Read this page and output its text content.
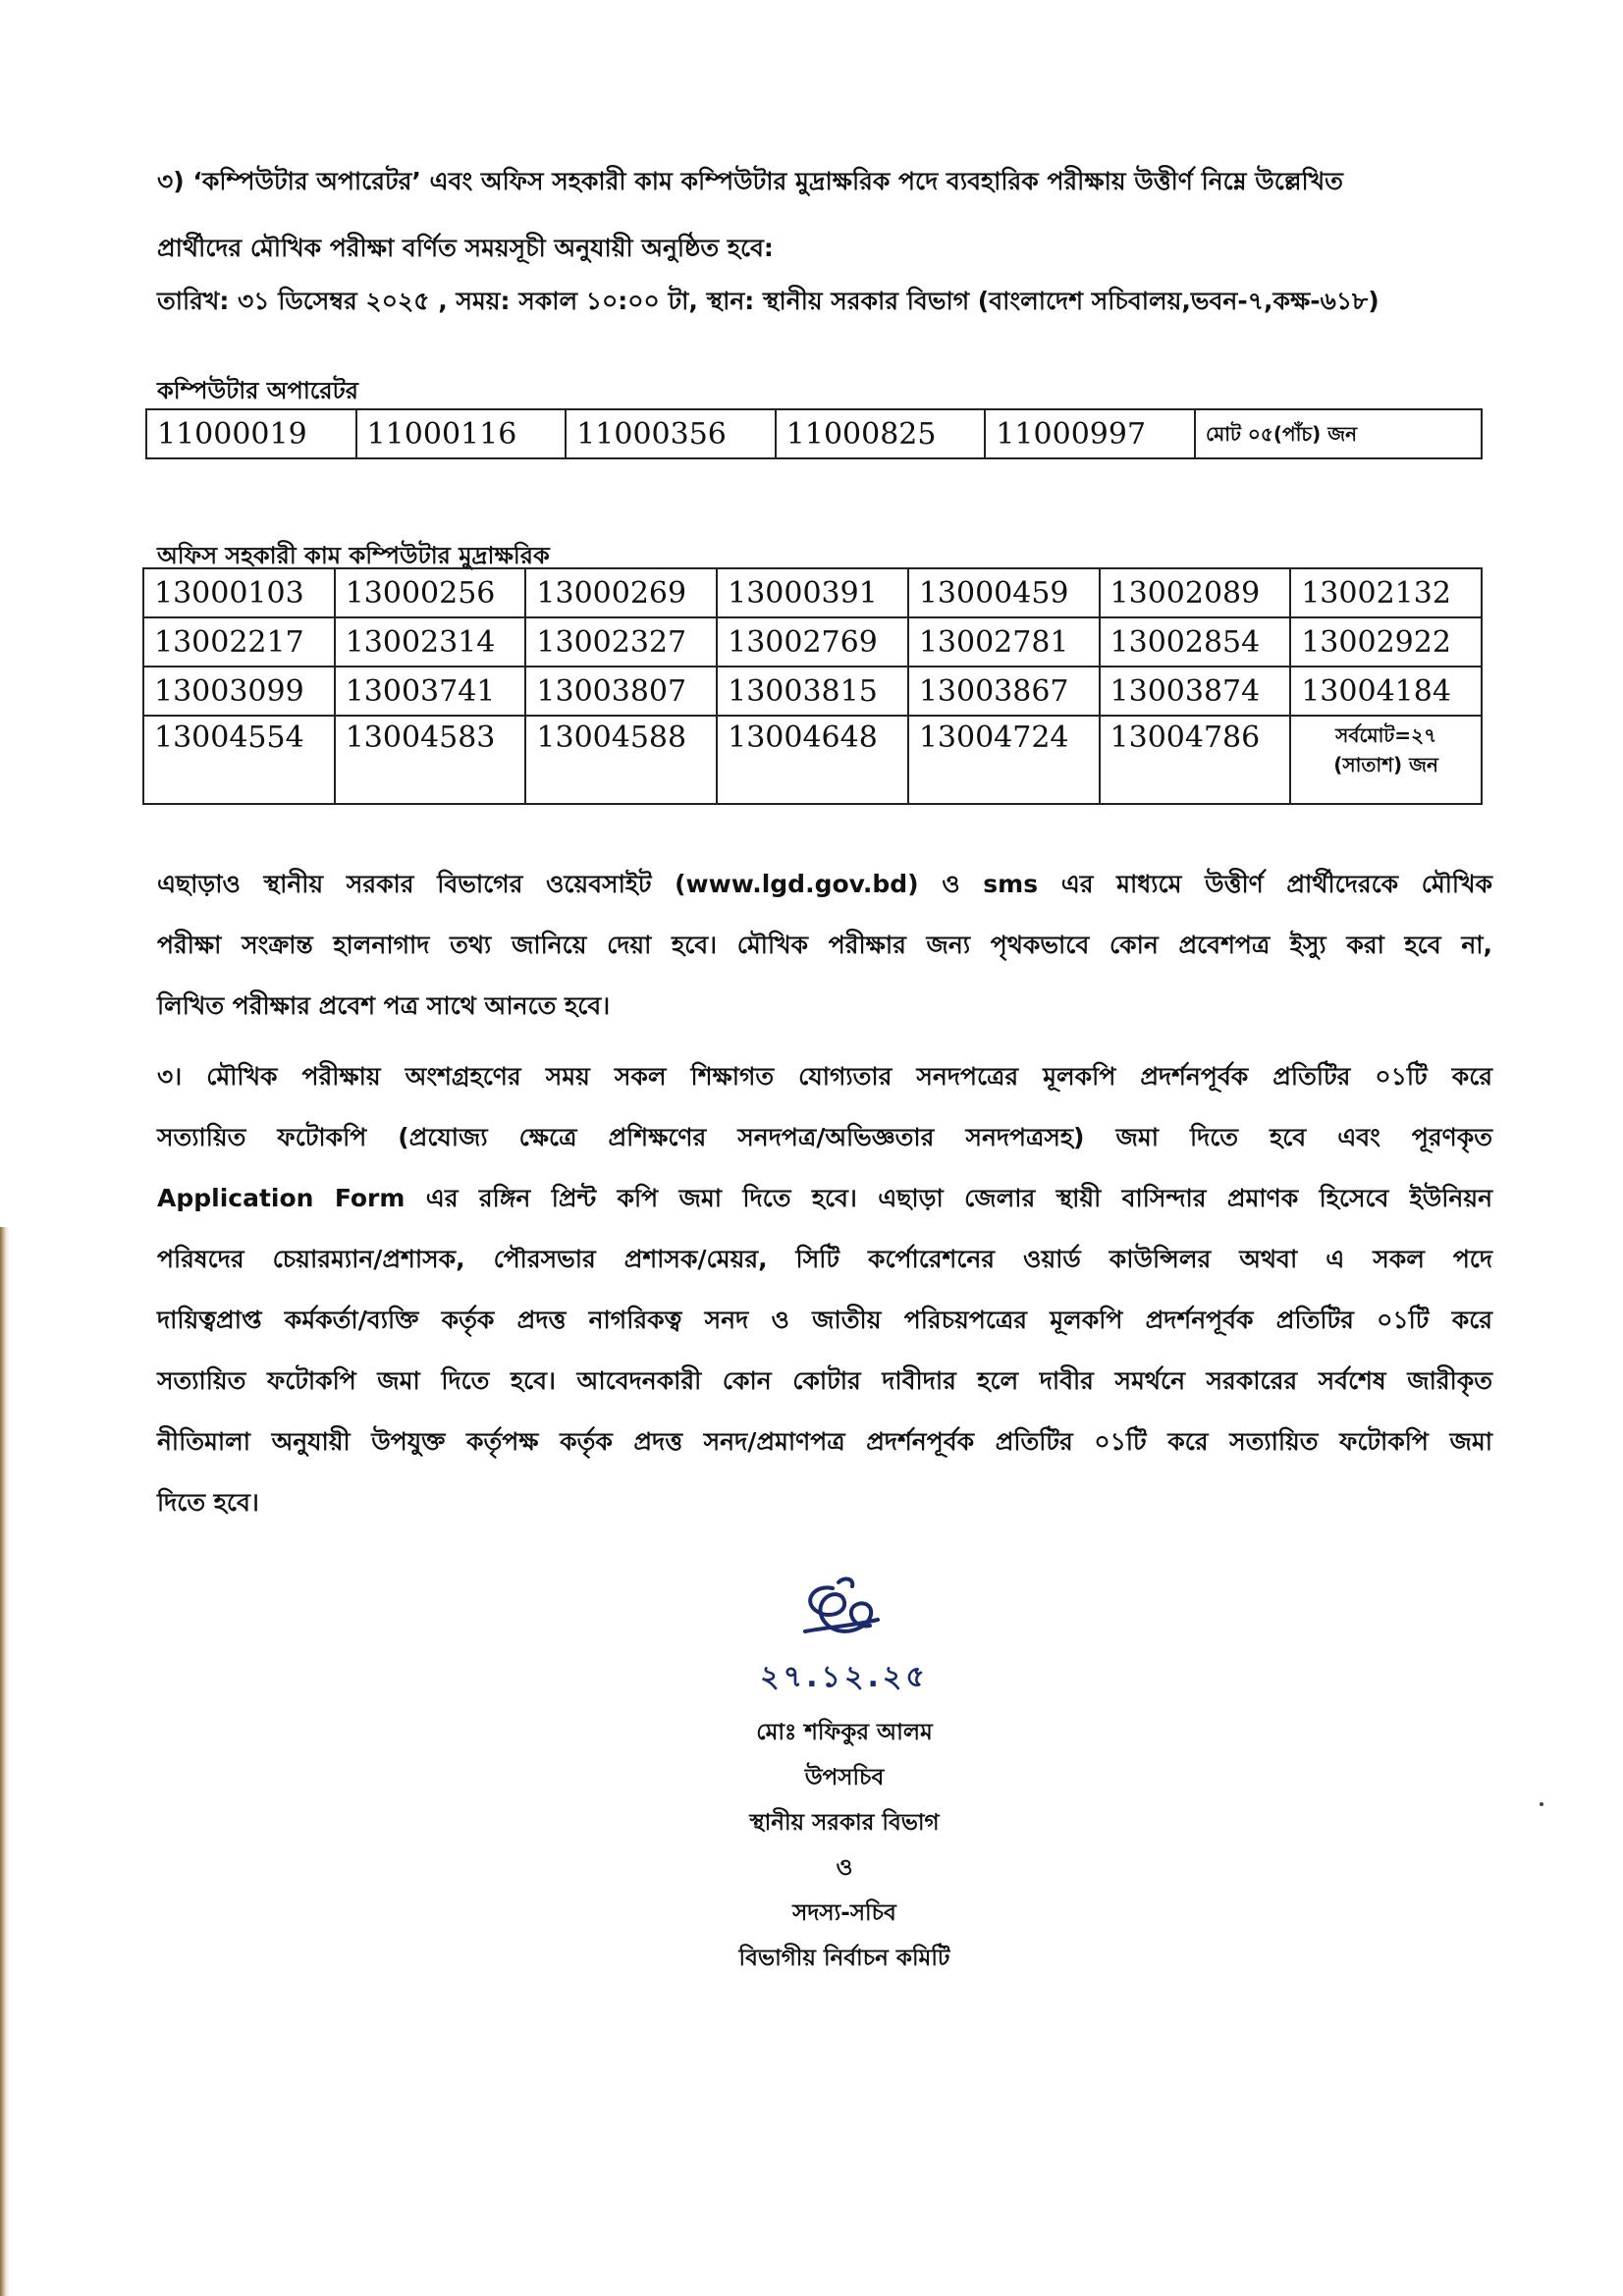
৩) ‘কম্পিউটার অপারেটর’ এবং অফিস সহকারী কাম কম্পিউটার মুদ্রাক্ষরিক পদে ব্যবহারিক পরীক্ষায় উত্তীর্ণ নিম্নে উল্লেখিত
প্রার্থীদের মৌখিক পরীক্ষা বর্ণিত সময়সূচী অনুযায়ী অনুষ্ঠিত হবে:
তারিখ: ৩১ ডিসেম্বর ২০২৫ , সময়: সকাল ১০:০০ টা, স্থান: স্থানীয় সরকার বিভাগ (বাংলাদেশ সচিবালয়,ভবন-৭,কক্ষ-৬১৮)
কম্পিউটার অপারেটর
11000019	11000116	11000356	11000825	11000997	মোট ০৫(পাঁচ) জন
অফিস সহকারী কাম কম্পিউটার মুদ্রাক্ষরিক
13000103	13000256	13000269	13000391	13000459	13002089	13002132
13002217	13002314	13002327	13002769	13002781	13002854	13002922
13003099	13003741	13003807	13003815	13003867	13003874	13004184
13004554	13004583	13004588	13004648	13004724	13004786	সর্বমোট=২৭
(সাতাশ) জন
এছাড়াও স্থানীয় সরকার বিভাগের ওয়েবসাইট (www.lgd.gov.bd) ও sms এর মাধ্যমে উত্তীর্ণ প্রার্থীদেরকে মৌখিক
পরীক্ষা সংক্রান্ত হালনাগাদ তথ্য জানিয়ে দেয়া হবে। মৌখিক পরীক্ষার জন্য পৃথকভাবে কোন প্রবেশপত্র ইস্যু করা হবে না,
লিখিত পরীক্ষার প্রবেশ পত্র সাথে আনতে হবে।
৩। মৌখিক পরীক্ষায় অংশগ্রহণের সময় সকল শিক্ষাগত যোগ্যতার সনদপত্রের মূলকপি প্রদর্শনপূর্বক প্রতিটির ০১টি করে
সত্যায়িত ফটোকপি (প্রযোজ্য ক্ষেত্রে প্রশিক্ষণের সনদপত্র/অভিজ্ঞতার সনদপত্রসহ) জমা দিতে হবে এবং পূরণকৃত
Application Form এর রঙ্গিন প্রিন্ট কপি জমা দিতে হবে। এছাড়া জেলার স্থায়ী বাসিন্দার প্রমাণক হিসেবে ইউনিয়ন
পরিষদের চেয়ারম্যান/প্রশাসক, পৌরসভার প্রশাসক/মেয়র, সিটি কর্পোরেশনের ওয়ার্ড কাউন্সিলর অথবা এ সকল পদে
দায়িত্বপ্রাপ্ত কর্মকর্তা/ব্যক্তি কর্তৃক প্রদত্ত নাগরিকত্ব সনদ ও জাতীয় পরিচয়পত্রের মূলকপি প্রদর্শনপূর্বক প্রতিটির ০১টি করে
সত্যায়িত ফটোকপি জমা দিতে হবে। আবেদনকারী কোন কোটার দাবীদার হলে দাবীর সমর্থনে সরকারের সর্বশেষ জারীকৃত
নীতিমালা অনুযায়ী উপযুক্ত কর্তৃপক্ষ কর্তৃক প্রদত্ত সনদ/প্রমাণপত্র প্রদর্শনপূর্বক প্রতিটির ০১টি করে সত্যায়িত ফটোকপি জমা
দিতে হবে।
২৭.১২.২৫
মোঃ শফিকুর আলম
উপসচিব
স্থানীয় সরকার বিভাগ
ও
সদস্য-সচিব
বিভাগীয় নির্বাচন কমিটি
